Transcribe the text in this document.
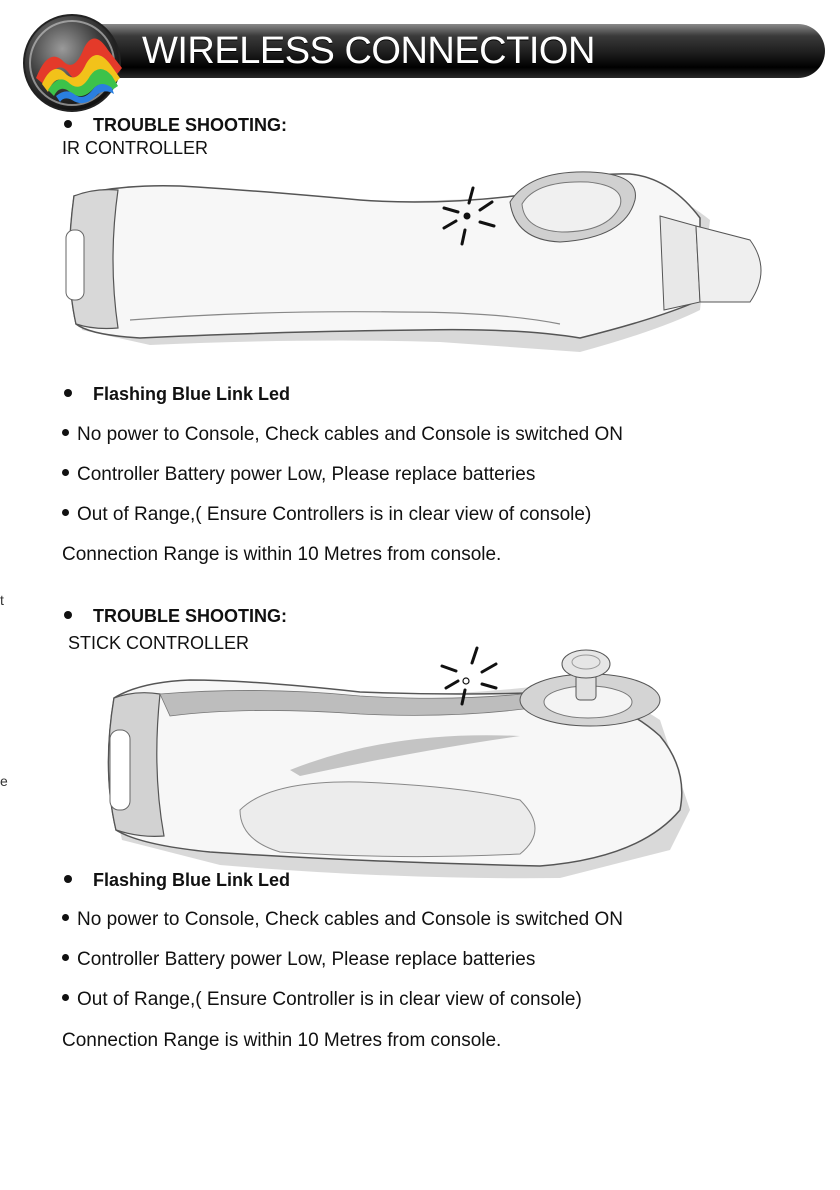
WIRELESS CONNECTION
TROUBLE SHOOTING:
IR CONTROLLER
Flashing Blue Link Led
No power to Console, Check cables and Console is switched ON
Controller Battery power Low, Please replace batteries
Out of Range,( Ensure Controllers is in clear view of console)
Connection Range is within 10 Metres from console.
t
TROUBLE SHOOTING:
STICK CONTROLLER
e
Flashing Blue Link Led
No power to Console, Check cables and Console is switched ON
Controller Battery power Low, Please replace batteries
Out of Range,( Ensure Controller is in clear view of console)
Connection Range is within 10 Metres from console.
